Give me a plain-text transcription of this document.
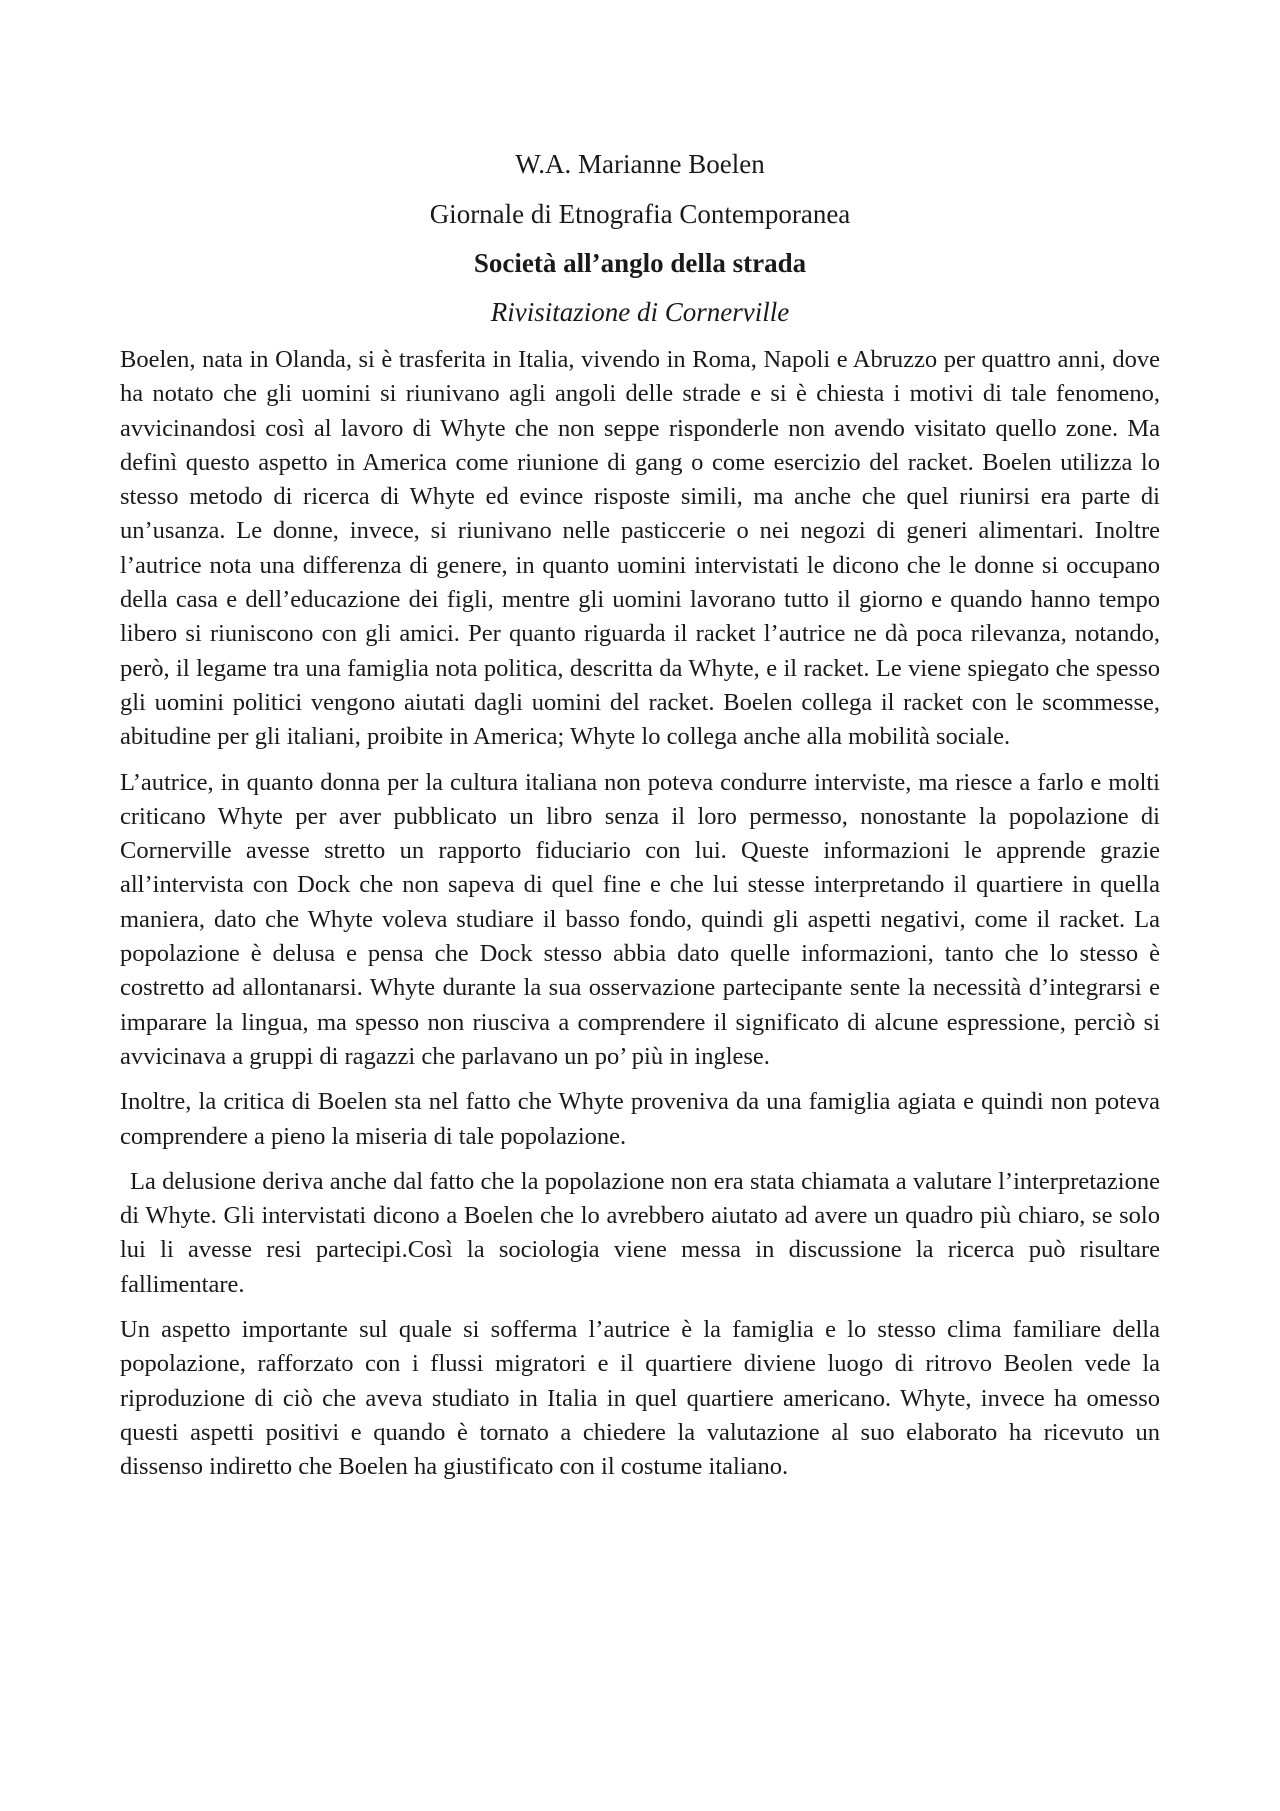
W.A. Marianne Boelen
Giornale di Etnografia Contemporanea
Società all’anglo della strada
Rivisitazione di Cornerville

Boelen, nata in Olanda, si è trasferita in Italia, vivendo in Roma, Napoli e Abruzzo per quattro anni, dove ha notato che gli uomini si riunivano agli angoli delle strade e si è chiesta i motivi di tale fenomeno, avvicinandosi così al lavoro di Whyte che non seppe risponderle non avendo visitato quello zone. Ma definì questo aspetto in America come riunione di gang o come esercizio del racket. Boelen utilizza lo stesso metodo di ricerca di Whyte ed evince risposte simili, ma anche che quel riunirsi era parte di un’usanza. Le donne, invece, si riunivano nelle pasticcerie o nei negozi di generi alimentari. Inoltre l’autrice nota una differenza di genere, in quanto uomini intervistati le dicono che le donne si occupano della casa e dell’educazione dei figli, mentre gli uomini lavorano tutto il giorno e quando hanno tempo libero si riuniscono con gli amici. Per quanto riguarda il racket l’autrice ne dà poca rilevanza, notando, però, il legame tra una famiglia nota politica, descritta da Whyte, e il racket. Le viene spiegato che spesso gli uomini politici vengono aiutati dagli uomini del racket. Boelen collega il racket con le scommesse, abitudine per gli italiani, proibite in America; Whyte lo collega anche alla mobilità sociale.

L’autrice, in quanto donna per la cultura italiana non poteva condurre interviste, ma riesce a farlo e molti criticano Whyte per aver pubblicato un libro senza il loro permesso, nonostante la popolazione di Cornerville avesse stretto un rapporto fiduciario con lui. Queste informazioni le apprende grazie all’intervista con Dock che non sapeva di quel fine e che lui stesse interpretando il quartiere in quella maniera, dato che Whyte voleva studiare il basso fondo, quindi gli aspetti negativi, come il racket. La popolazione è delusa e pensa che Dock stesso abbia dato quelle informazioni, tanto che lo stesso è costretto ad allontanarsi. Whyte durante la sua osservazione partecipante sente la necessità d’integrarsi e imparare la lingua, ma spesso non riusciva a comprendere il significato di alcune espressione, perciò si avvicinava a gruppi di ragazzi che parlavano un po’ più in inglese.

Inoltre, la critica di Boelen sta nel fatto che Whyte proveniva da una famiglia agiata e quindi non poteva comprendere a pieno la miseria di tale popolazione.

La delusione deriva anche dal fatto che la popolazione non era stata chiamata a valutare l’interpretazione di Whyte. Gli intervistati dicono a Boelen che lo avrebbero aiutato ad avere un quadro più chiaro, se solo lui li avesse resi partecipi.Così la sociologia viene messa in discussione la ricerca può risultare fallimentare.

Un aspetto importante sul quale si sofferma l’autrice è la famiglia e lo stesso clima familiare della popolazione, rafforzato con i flussi migratori e il quartiere diviene luogo di ritrovo Beolen vede la riproduzione di ciò che aveva studiato in Italia in quel quartiere americano. Whyte, invece ha omesso questi aspetti positivi e quando è tornato a chiedere la valutazione al suo elaborato ha ricevuto un dissenso indiretto che Boelen ha giustificato con il costume italiano.
